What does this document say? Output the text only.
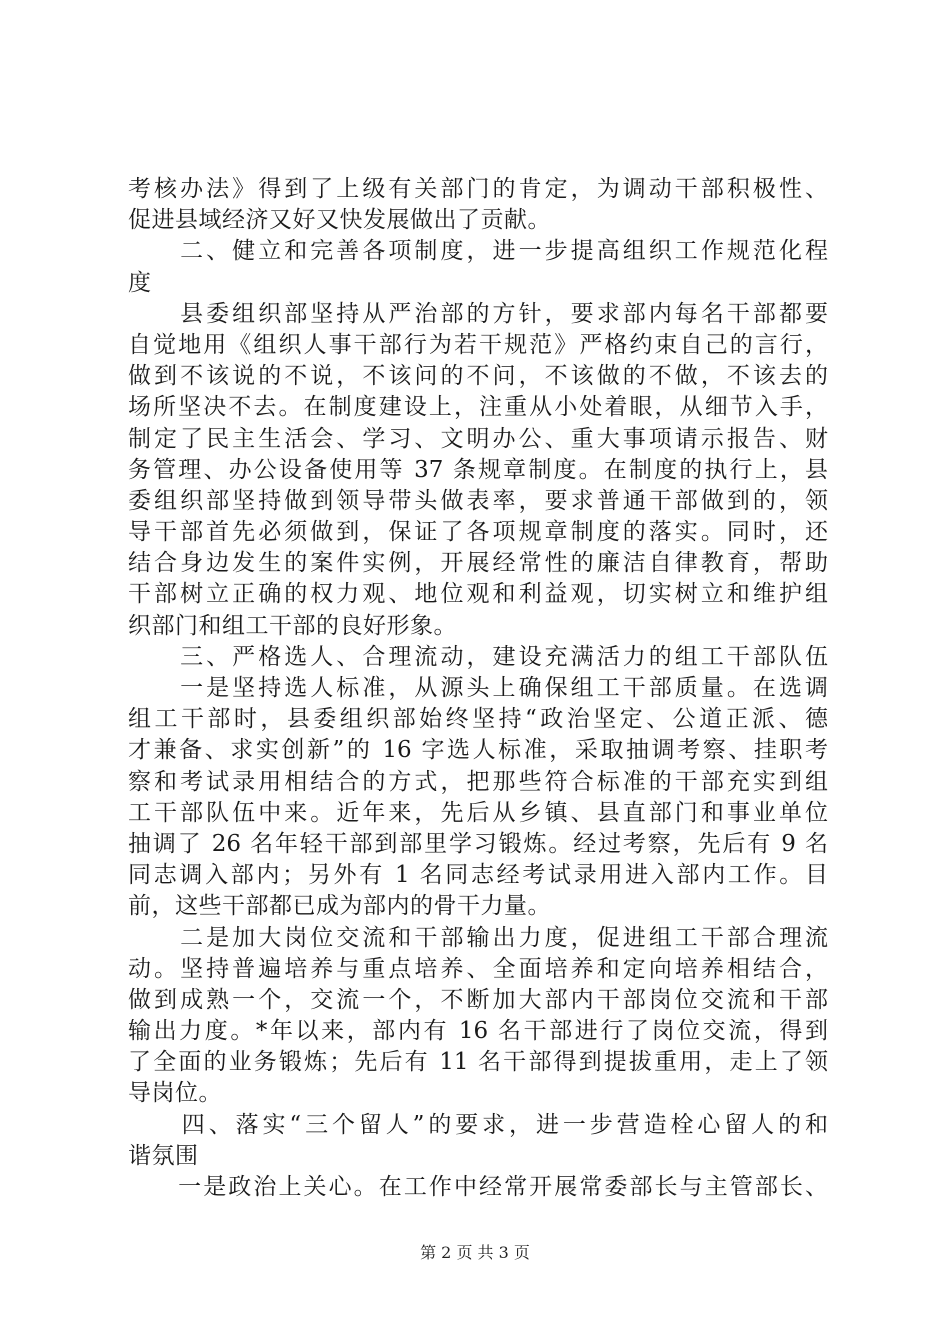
考核办法》得到了上级有关部门的肯定，为调动干部积极性、
促进县域经济又好又快发展做出了贡献。
　　二、健立和完善各项制度，进一步提高组织工作规范化程
度
　　县委组织部坚持从严治部的方针，要求部内每名干部都要
自觉地用《组织人事干部行为若干规范》严格约束自己的言行，
做到不该说的不说，不该问的不问，不该做的不做，不该去的
场所坚决不去。在制度建设上，注重从小处着眼，从细节入手，
制定了民主生活会、学习、文明办公、重大事项请示报告、财
务管理、办公设备使用等 37 条规章制度。在制度的执行上，县
委组织部坚持做到领导带头做表率，要求普通干部做到的，领
导干部首先必须做到，保证了各项规章制度的落实。同时，还
结合身边发生的案件实例，开展经常性的廉洁自律教育，帮助
干部树立正确的权力观、地位观和利益观，切实树立和维护组
织部门和组工干部的良好形象。
　　三、严格选人、合理流动，建设充满活力的组工干部队伍
　　一是坚持选人标准，从源头上确保组工干部质量。在选调
组工干部时，县委组织部始终坚持“政治坚定、公道正派、德
才兼备、求实创新”的 16 字选人标准，采取抽调考察、挂职考
察和考试录用相结合的方式，把那些符合标准的干部充实到组
工干部队伍中来。近年来，先后从乡镇、县直部门和事业单位
抽调了 26 名年轻干部到部里学习锻炼。经过考察，先后有 9 名
同志调入部内；另外有 1 名同志经考试录用进入部内工作。目
前，这些干部都已成为部内的骨干力量。
　　二是加大岗位交流和干部输出力度，促进组工干部合理流
动。坚持普遍培养与重点培养、全面培养和定向培养相结合，
做到成熟一个，交流一个，不断加大部内干部岗位交流和干部
输出力度。*年以来，部内有 16 名干部进行了岗位交流，得到
了全面的业务锻炼；先后有 11 名干部得到提拔重用，走上了领
导岗位。
　　四、落实“三个留人”的要求，进一步营造栓心留人的和
谐氛围
　　一是政治上关心。在工作中经常开展常委部长与主管部长、
第 2 页 共 3 页
